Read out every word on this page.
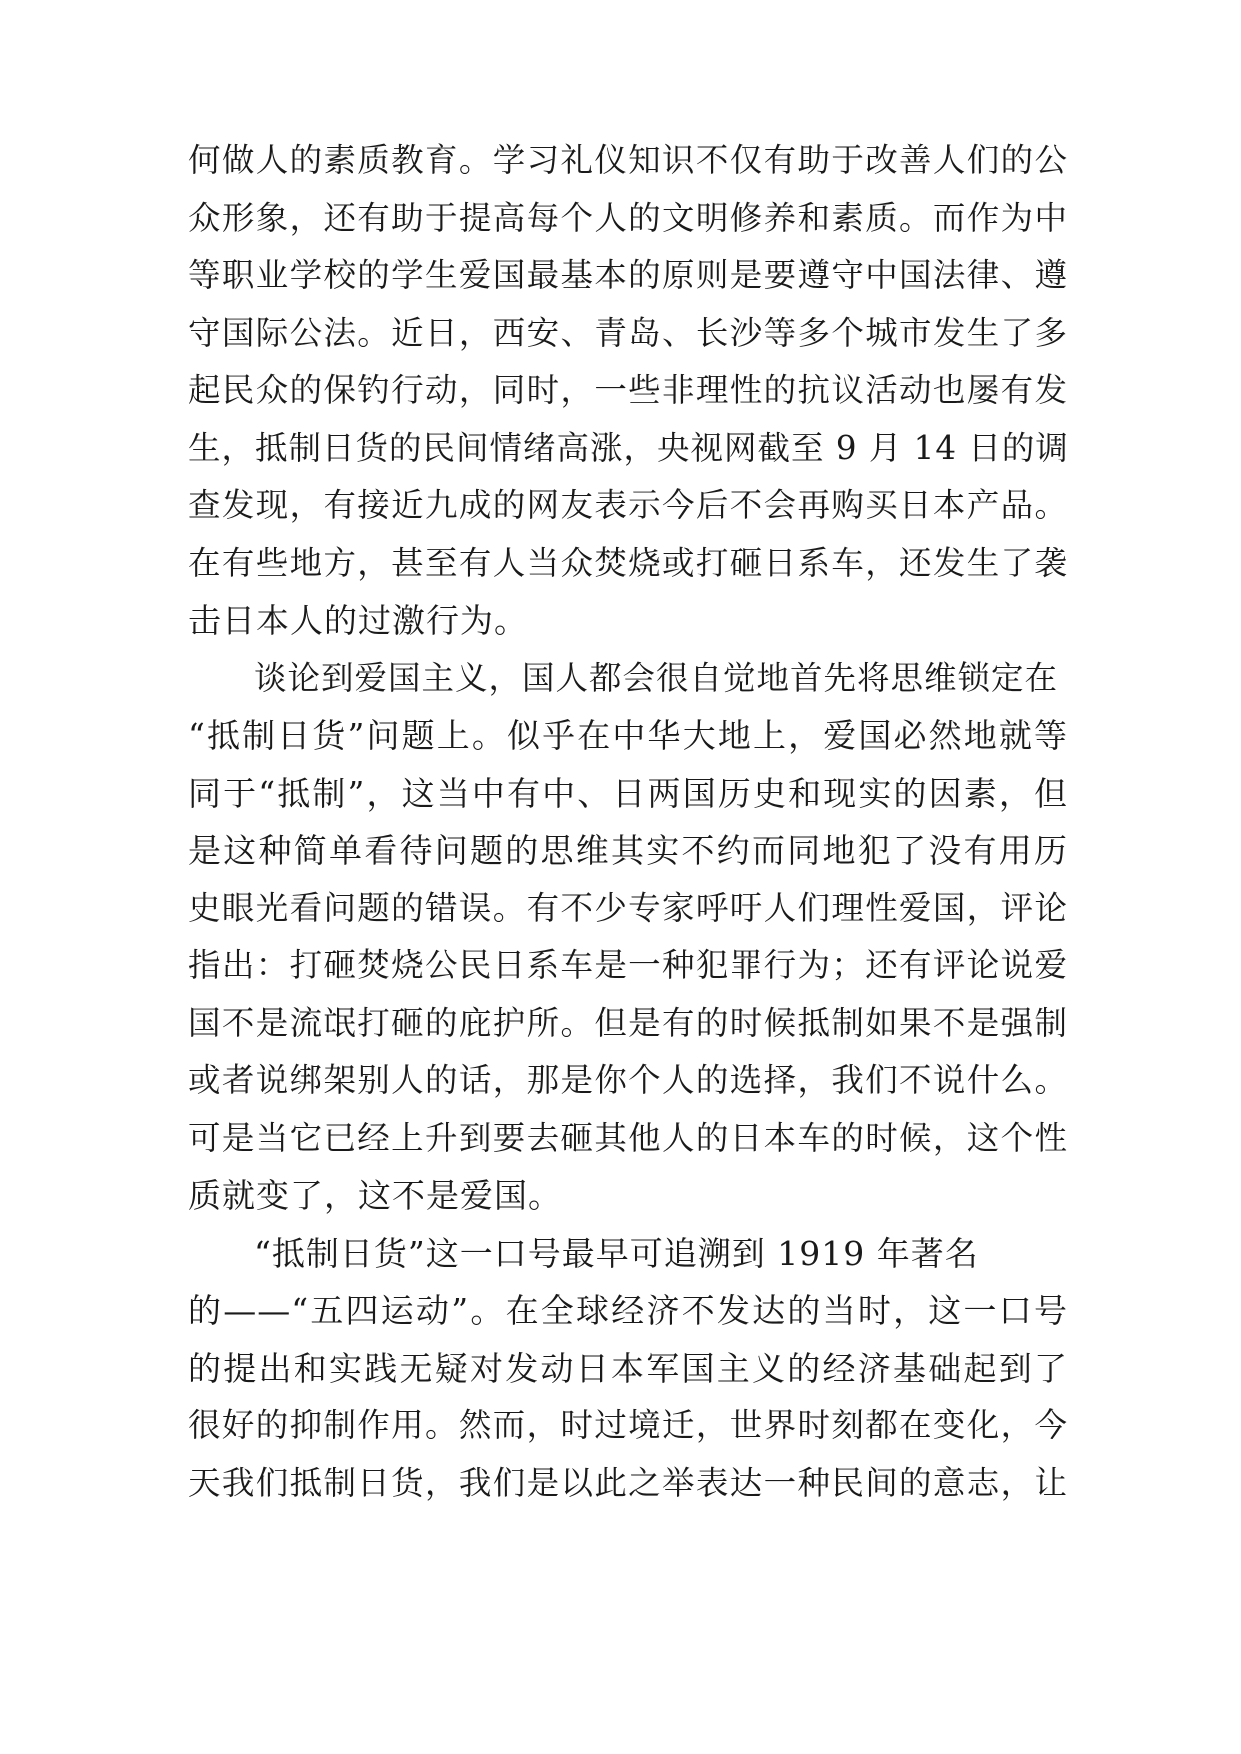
何做人的素质教育。学习礼仪知识不仅有助于改善人们的公
众形象，还有助于提高每个人的文明修养和素质。而作为中
等职业学校的学生爱国最基本的原则是要遵守中国法律、遵
守国际公法。近日，西安、青岛、长沙等多个城市发生了多
起民众的保钓行动，同时，一些非理性的抗议活动也屡有发
生，抵制日货的民间情绪高涨，央视网截至 9 月 14 日的调
查发现，有接近九成的网友表示今后不会再购买日本产品。
在有些地方，甚至有人当众焚烧或打砸日系车，还发生了袭
击日本人的过激行为。
谈论到爱国主义，国人都会很自觉地首先将思维锁定在
“抵制日货”问题上。似乎在中华大地上，爱国必然地就等
同于“抵制”，这当中有中、日两国历史和现实的因素，但
是这种简单看待问题的思维其实不约而同地犯了没有用历
史眼光看问题的错误。有不少专家呼吁人们理性爱国，评论
指出：打砸焚烧公民日系车是一种犯罪行为；还有评论说爱
国不是流氓打砸的庇护所。但是有的时候抵制如果不是强制
或者说绑架别人的话，那是你个人的选择，我们不说什么。
可是当它已经上升到要去砸其他人的日本车的时候，这个性
质就变了，这不是爱国。
“抵制日货”这一口号最早可追溯到 1919 年著名
的——“五四运动”。在全球经济不发达的当时，这一口号
的提出和实践无疑对发动日本军国主义的经济基础起到了
很好的抑制作用。然而，时过境迁，世界时刻都在变化，今
天我们抵制日货，我们是以此之举表达一种民间的意志，让
